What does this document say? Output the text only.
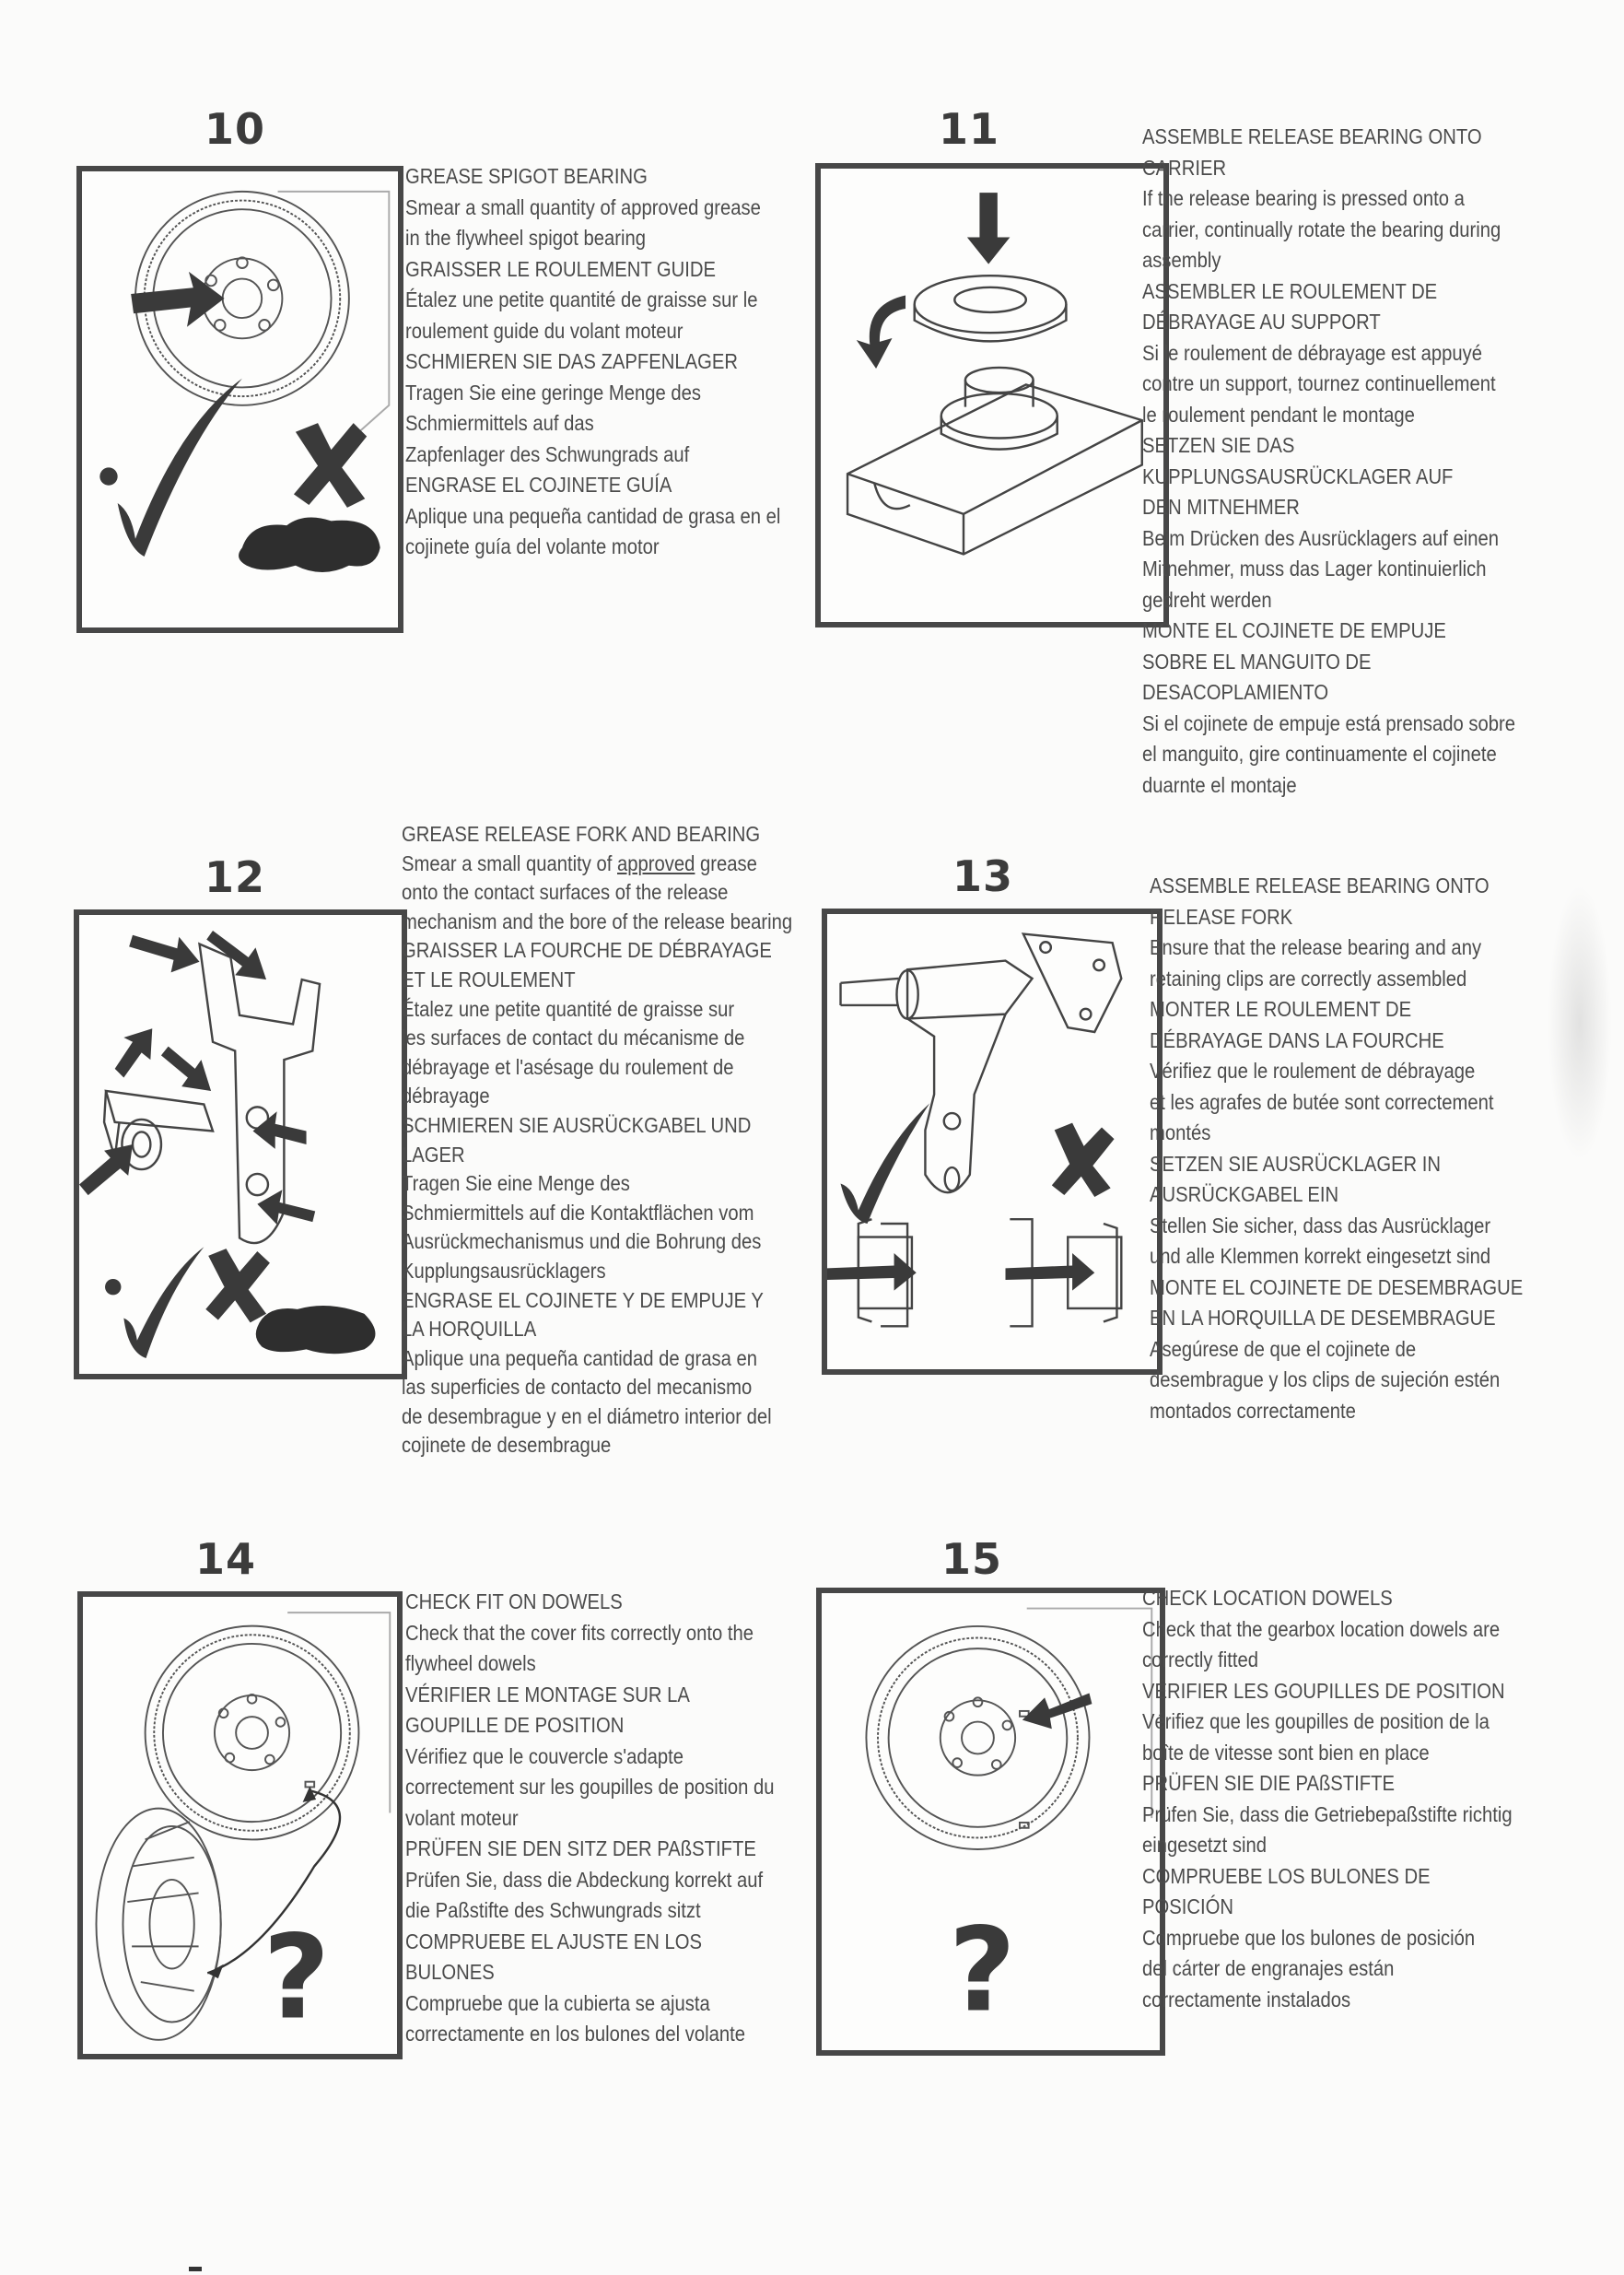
10
GREASE SPIGOT BEARING
Smear a small quantity of approved grease
in the flywheel spigot bearing
GRAISSER LE ROULEMENT GUIDE
Étalez une petite quantité de graisse sur le
roulement guide du volant moteur
SCHMIEREN SIE DAS ZAPFENLAGER
Tragen Sie eine geringe Menge des
Schmiermittels auf das
Zapfenlager des Schwungrads auf
ENGRASE EL COJINETE GUÍA
Aplique una pequeña cantidad de grasa en el
cojinete guía del volante motor
11	ASSEMBLE RELEASE BEARING ONTO
CARRIER
If the release bearing is pressed onto a
carrier, continually rotate the bearing during
assembly
ASSEMBLER LE ROULEMENT DE
DÉBRAYAGE AU SUPPORT
Si le roulement de débrayage est appuyé
contre un support, tournez continuellement
le roulement pendant le montage
SETZEN SIE DAS
KUPPLUNGSAUSRÜCKLAGER AUF
DEN MITNEHMER
Beim Drücken des Ausrücklagers auf einen
Mitnehmer, muss das Lager kontinuierlich
gedreht werden
MONTE EL COJINETE DE EMPUJE
SOBRE EL MANGUITO DE
DESACOPLAMIENTO
Si el cojinete de empuje está prensado sobre
el manguito, gire continuamente el cojinete
duarnte el montaje
12
GREASE RELEASE FORK AND BEARING
Smear a small quantity of approved grease
onto the contact surfaces of the release
mechanism and the bore of the release bearing
GRAISSER LA FOURCHE DE DÉBRAYAGE
ET LE ROULEMENT
Étalez une petite quantité de graisse sur
les surfaces de contact du mécanisme de
débrayage et l'asésage du roulement de
débrayage
SCHMIEREN SIE AUSRÜCKGABEL UND
LAGER
Tragen Sie eine Menge des
Schmiermittels auf die Kontaktflächen vom
Ausrückmechanismus und die Bohrung des
Kupplungsausrücklagers
ENGRASE EL COJINETE Y DE EMPUJE Y
LA HORQUILLA
Aplique una pequeña cantidad de grasa en
las superficies de contacto del mecanismo
de desembrague y en el diámetro interior del
cojinete de desembrague
13	ASSEMBLE RELEASE BEARING ONTO
RELEASE FORK
Ensure that the release bearing and any
retaining clips are correctly assembled
MONTER LE ROULEMENT DE
DÉBRAYAGE DANS LA FOURCHE
Vérifiez que le roulement de débrayage
et les agrafes de butée sont correctement
montés
SETZEN SIE AUSRÜCKLAGER IN
AUSRÜCKGABEL EIN
Stellen Sie sicher, dass das Ausrücklager
und alle Klemmen korrekt eingesetzt sind
MONTE EL COJINETE DE DESEMBRAGUE
EN LA HORQUILLA DE DESEMBRAGUE
Asegúrese de que el cojinete de
desembrague y los clips de sujeción estén
montados correctamente
14
?
CHECK FIT ON DOWELS
Check that the cover fits correctly onto the
flywheel dowels
VÉRIFIER LE MONTAGE SUR LA
GOUPILLE DE POSITION
Vérifiez que le couvercle s'adapte
correctement sur les goupilles de position du
volant moteur
PRÜFEN SIE DEN SITZ DER PAßSTIFTE
Prüfen Sie, dass die Abdeckung korrekt auf
die Paßstifte des Schwungrads sitzt
COMPRUEBE EL AJUSTE EN LOS
BULONES
Compruebe que la cubierta se ajusta
correctamente en los bulones del volante
15
?
CHECK LOCATION DOWELS
Check that the gearbox location dowels are
correctly fitted
VÉRIFIER LES GOUPILLES DE POSITION
Vérifiez que les goupilles de position de la
boîte de vitesse sont bien en place
PRÜFEN SIE DIE PAßSTIFTE
Prüfen Sie, dass die Getriebepaßstifte richtig
eingesetzt sind
COMPRUEBE LOS BULONES DE
POSICIÓN
Compruebe que los bulones de posición
del cárter de engranajes están
correctamente instalados
